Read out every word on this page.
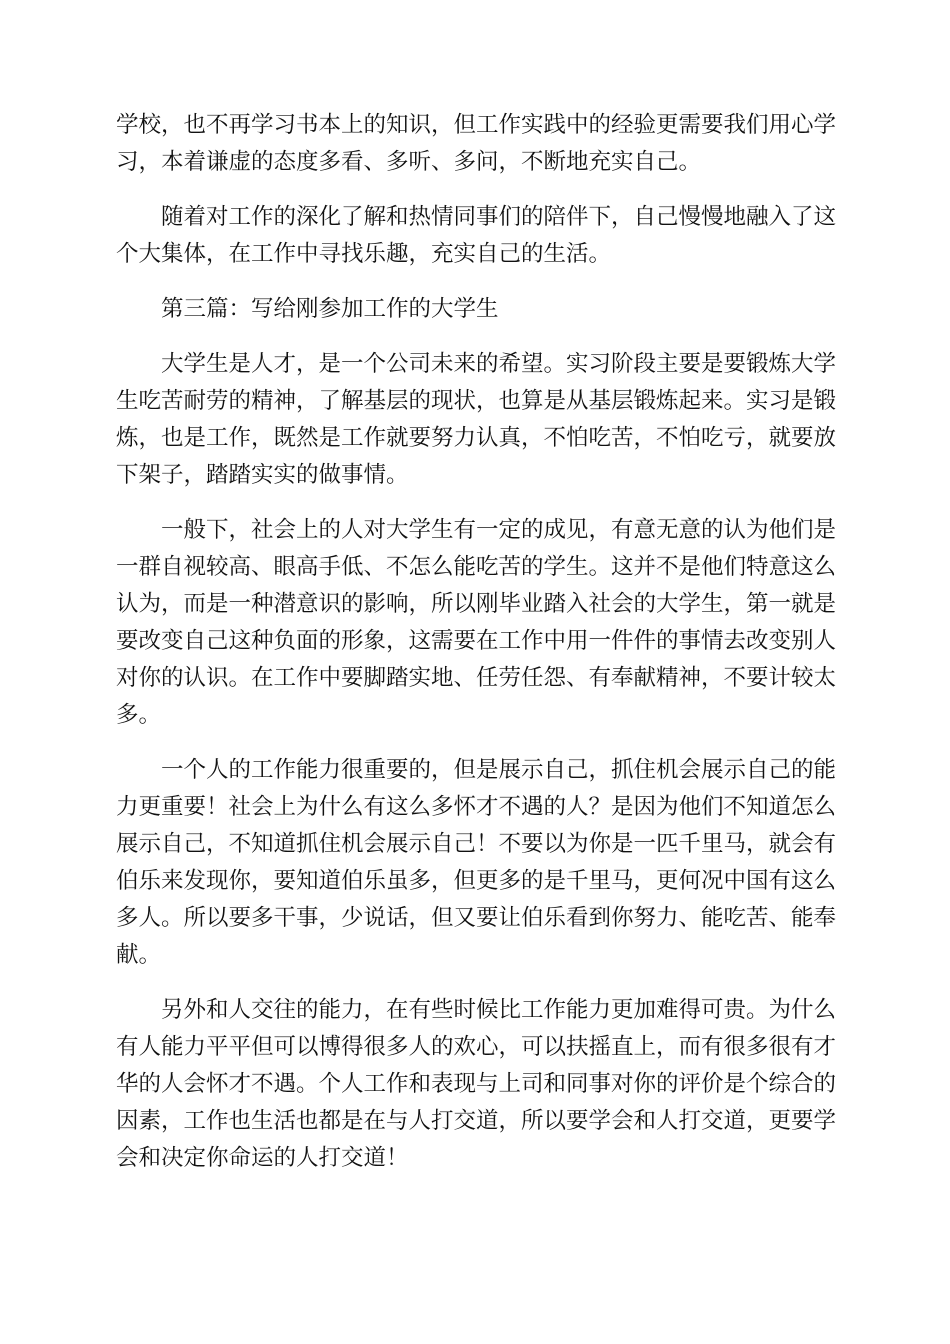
学校，也不再学习书本上的知识，但工作实践中的经验更需要我们用心学习，本着谦虚的态度多看、多听、多问，不断地充实自己。

随着对工作的深化了解和热情同事们的陪伴下，自己慢慢地融入了这个大集体，在工作中寻找乐趣，充实自己的生活。

第三篇：写给刚参加工作的大学生

大学生是人才，是一个公司未来的希望。实习阶段主要是要锻炼大学生吃苦耐劳的精神，了解基层的现状，也算是从基层锻炼起来。实习是锻炼，也是工作，既然是工作就要努力认真，不怕吃苦，不怕吃亏，就要放下架子，踏踏实实的做事情。

一般下，社会上的人对大学生有一定的成见，有意无意的认为他们是一群自视较高、眼高手低、不怎么能吃苦的学生。这并不是他们特意这么认为，而是一种潜意识的影响，所以刚毕业踏入社会的大学生，第一就是要改变自己这种负面的形象，这需要在工作中用一件件的事情去改变别人对你的认识。在工作中要脚踏实地、任劳任怨、有奉献精神，不要计较太多。

一个人的工作能力很重要的，但是展示自己，抓住机会展示自己的能力更重要！社会上为什么有这么多怀才不遇的人？是因为他们不知道怎么展示自己，不知道抓住机会展示自己！不要以为你是一匹千里马，就会有伯乐来发现你，要知道伯乐虽多，但更多的是千里马，更何况中国有这么多人。所以要多干事，少说话，但又要让伯乐看到你努力、能吃苦、能奉献。

另外和人交往的能力，在有些时候比工作能力更加难得可贵。为什么有人能力平平但可以博得很多人的欢心，可以扶摇直上，而有很多很有才华的人会怀才不遇。个人工作和表现与上司和同事对你的评价是个综合的因素，工作也生活也都是在与人打交道，所以要学会和人打交道，更要学会和决定你命运的人打交道！
